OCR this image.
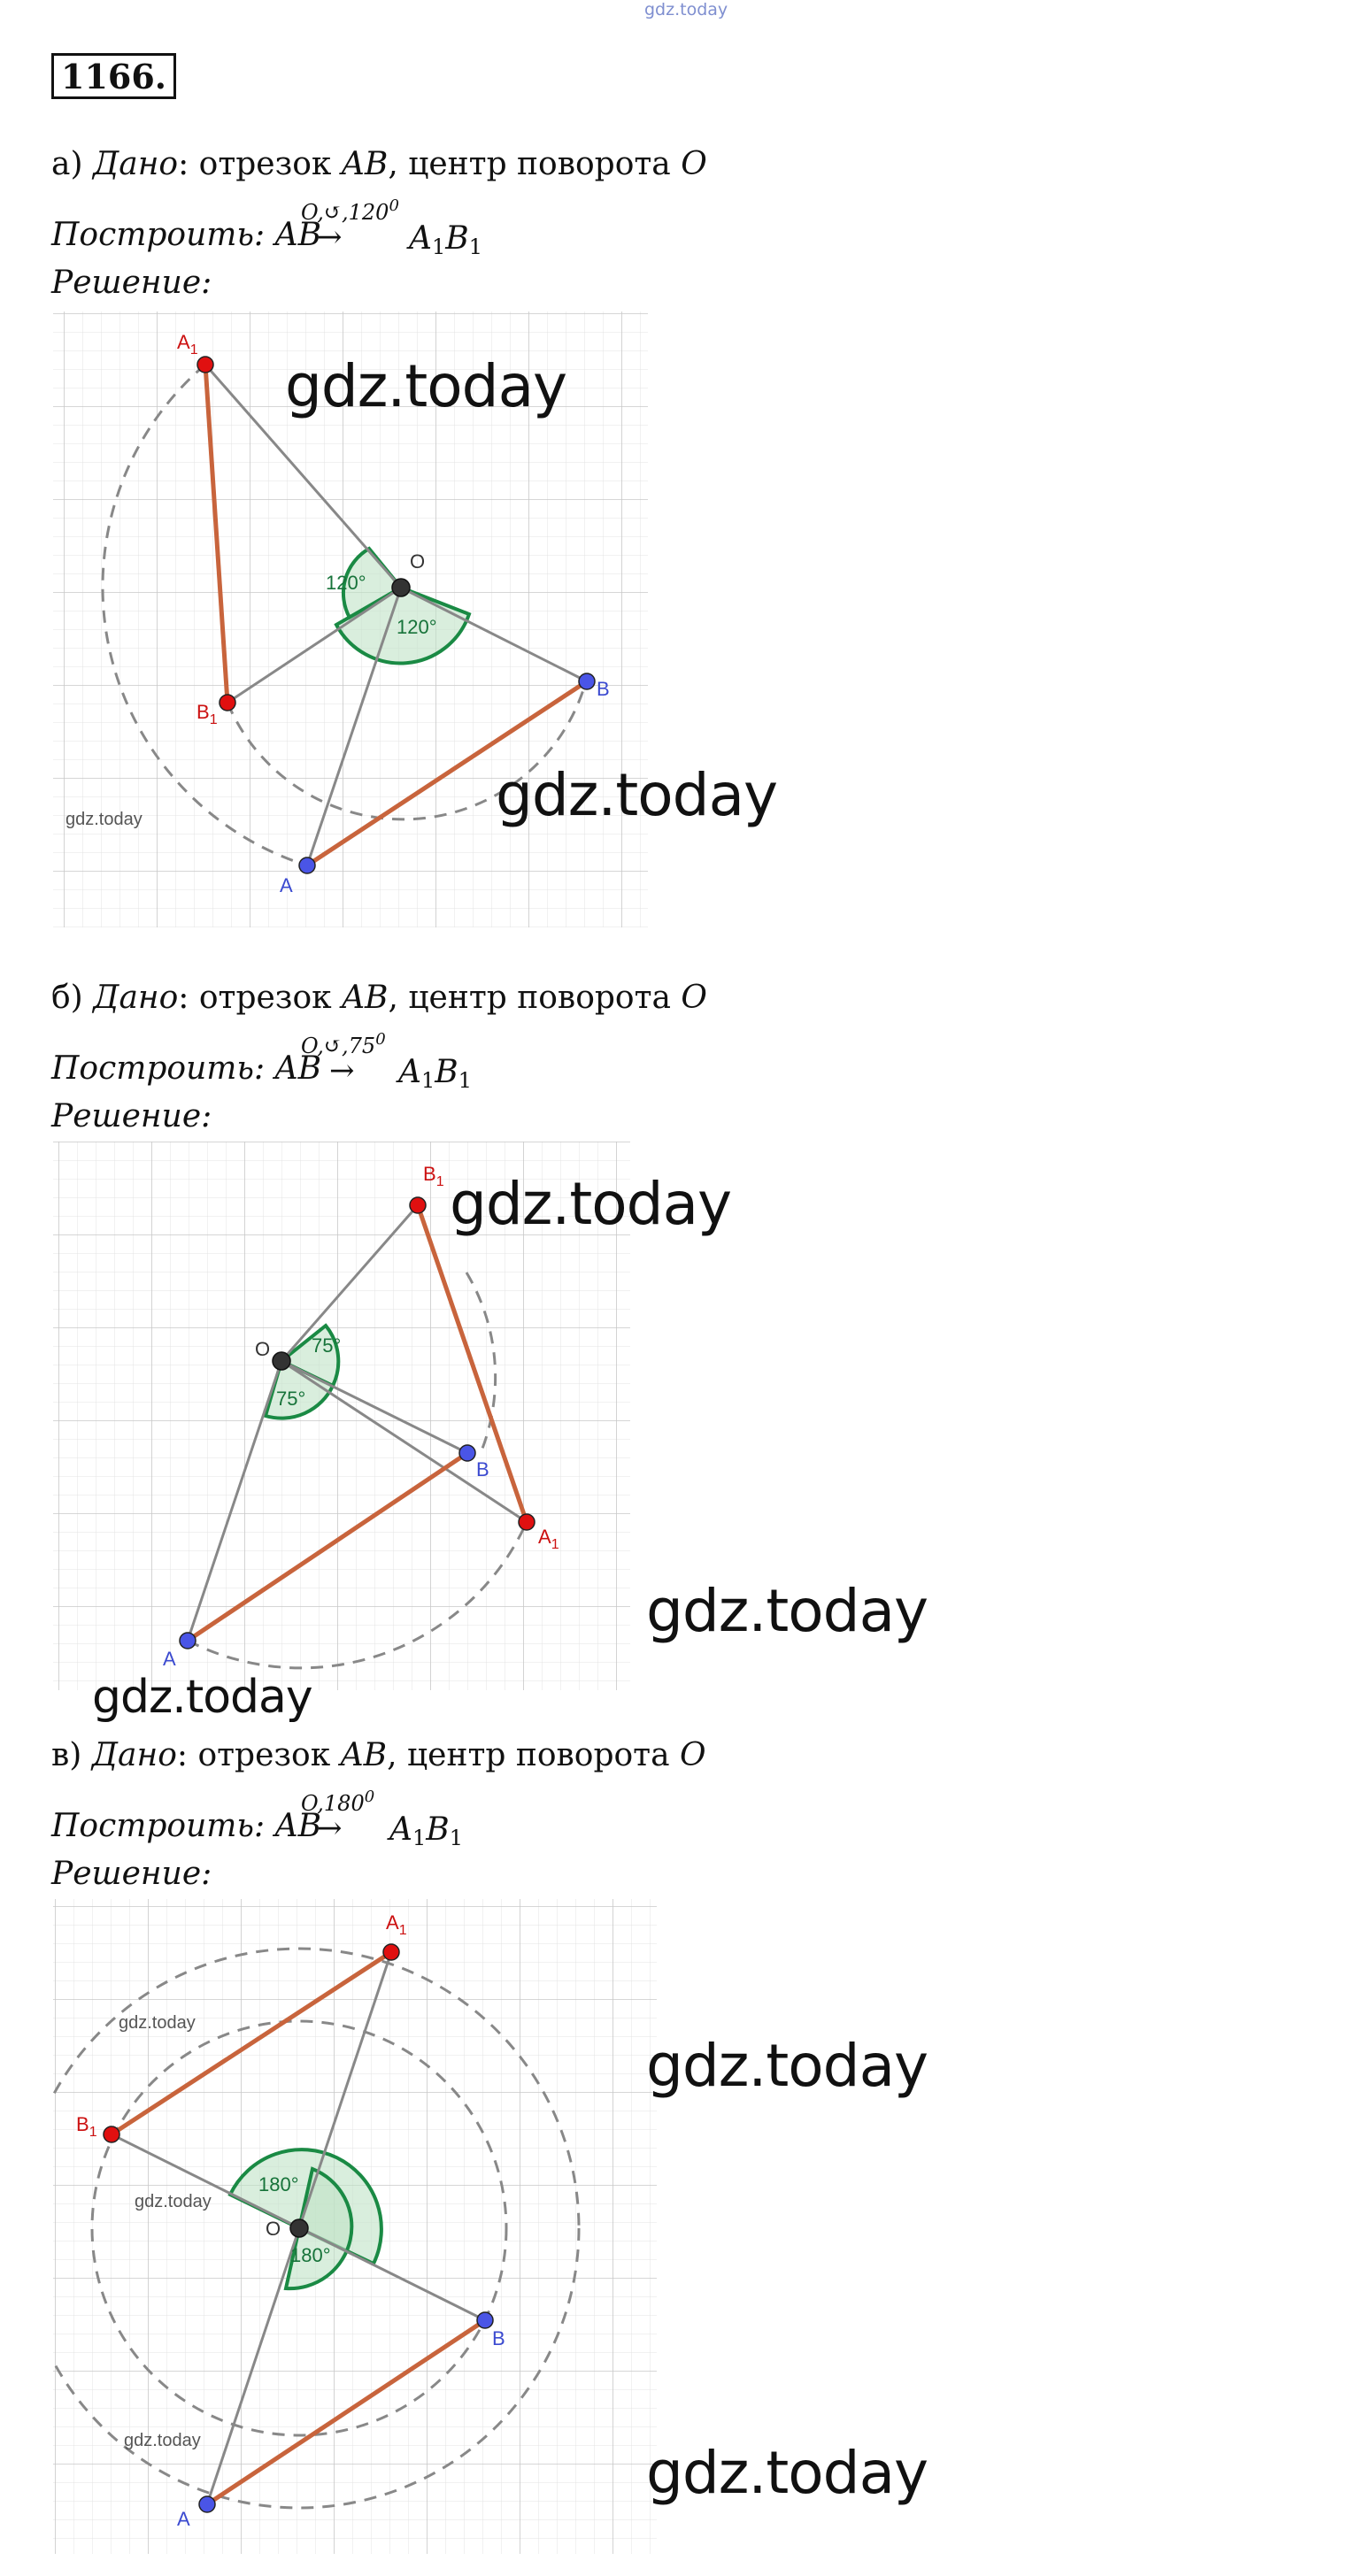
gdz.today
1166.
а) Дано: отрезок AB, центр поворота O
O,↺,120$^0$
Построить: AB
→ $A_1B_1$
Решение:
120°
120°
O
$A_1$
$B_1$
A
B
gdz.today
gdz.today
gdz.today
б) Дано: отрезок AB, центр поворота O
$O,↺,75^0$
Построить: AB → $A_1B_1$
Решение:
75°
75°
O
$B_1$
$A_1$
B
A
gdz.today
gdz.today
gdz.today
в) Дано: отрезок AB, центр поворота O
O,180$^0$
Построить: AB
→ $A_1B_1$
Решение:
180°
180°
O
$A_1$
$B_1$
B
A
gdz.today
gdz.today
gdz.today
gdz.today
gdz.today
